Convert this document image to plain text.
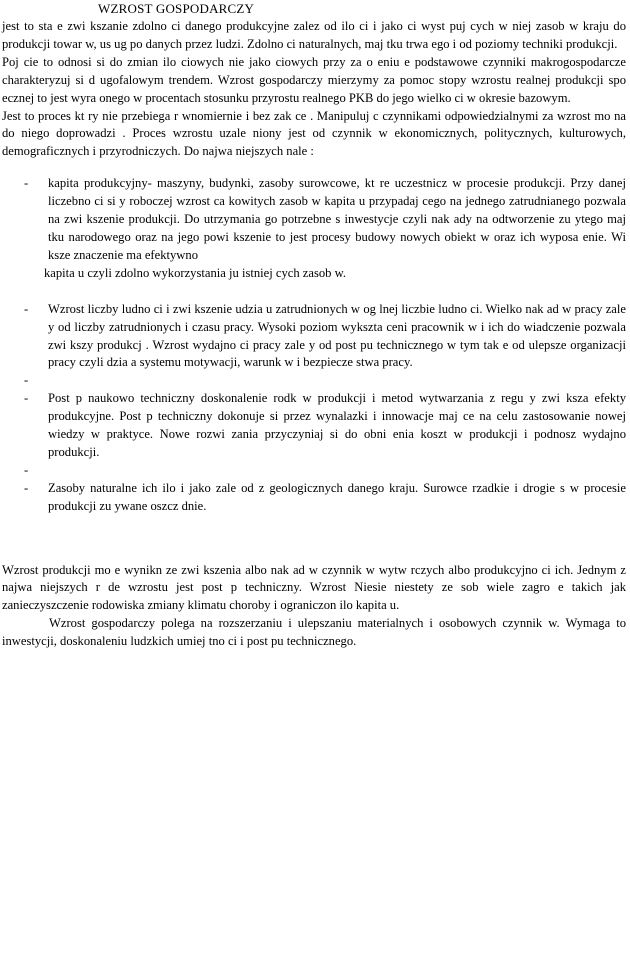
WZROST GOSPODARCZY

jest to sta e zwi kszanie zdolno ci danego produkcyjne zalez od ilo ci i jako ci wyst puj cych w niej zasob w kraju do produkcji towar w, us ug po danych przez ludzi. Zdolno ci naturalnych, maj tku trwa ego i od poziomy techniki produkcji.

Poj cie to odnosi si do zmian ilo ciowych nie jako ciowych przy za o eniu e podstawowe czynniki makrogospodarcze charakteryzuj si d ugofalowym trendem. Wzrost gospodarczy mierzymy za pomoc stopy wzrostu realnej produkcji spo ecznej to jest wyra onego w procentach stosunku przyrostu realnego PKB do jego wielko ci w okresie bazowym.

Jest to proces kt ry nie przebiega r wnomiernie i bez zak ce . Manipuluj c czynnikami odpowiedzialnymi za wzrost mo na do niego doprowadzi . Proces wzrostu uzale niony jest od czynnik w ekonomicznych, politycznych, kulturowych, demograficznych i przyrodniczych. Do najwa niejszych nale :

- kapita produkcyjny- maszyny, budynki, zasoby surowcowe, kt re uczestnicz w procesie produkcji. Przy danej liczebno ci si y roboczej wzrost ca kowitych zasob w kapita u przypadaj cego na jednego zatrudnianego pozwala na zwi kszenie produkcji. Do utrzymania go potrzebne s inwestycje czyli nak ady na odtworzenie zu ytego maj tku narodowego oraz na jego powi kszenie to jest procesy budowy nowych obiekt w oraz ich wyposa enie. Wi ksze znaczenie ma efektywno
kapita u czyli zdolno wykorzystania ju istniej cych zasob w.
- Wzrost liczby ludno ci i zwi kszenie udzia u zatrudnionych w og lnej liczbie ludno ci. Wielko nak ad w pracy zale y od liczby zatrudnionych i czasu pracy. Wysoki poziom wykszta ceni pracownik w i ich do wiadczenie pozwala zwi kszy produkcj . Wzrost wydajno ci pracy zale y od post pu technicznego w tym tak e od ulepsze organizacji pracy czyli dzia a systemu motywacji, warunk w i bezpiecze stwa pracy.
-

- Post p naukowo techniczny doskonalenie rodk w produkcji i metod wytwarzania z regu y zwi ksza efekty produkcyjne. Post p techniczny dokonuje si przez wynalazki i innowacje maj ce na celu zastosowanie nowej wiedzy w praktyce. Nowe rozwi zania przyczyniaj si do obni enia koszt w produkcji i podnosz wydajno produkcji.
-

- Zasoby naturalne ich ilo i jako zale od z geologicznych danego kraju. Surowce rzadkie i drogie s w procesie produkcji zu ywane oszcz dnie.

Wzrost produkcji mo e wynikn ze zwi kszenia albo nak ad w czynnik w wytw rczych albo produkcyjno ci ich. Jednym z najwa niejszych r de wzrostu jest post p techniczny. Wzrost Niesie niestety ze sob wiele zagro e takich jak zanieczyszczenie rodowiska zmiany klimatu choroby i ograniczon ilo kapita u.

Wzrost gospodarczy polega na rozszerzaniu i ulepszaniu materialnych i osobowych czynnik w. Wymaga to inwestycji, doskonaleniu ludzkich umiej tno ci i post pu technicznego.
